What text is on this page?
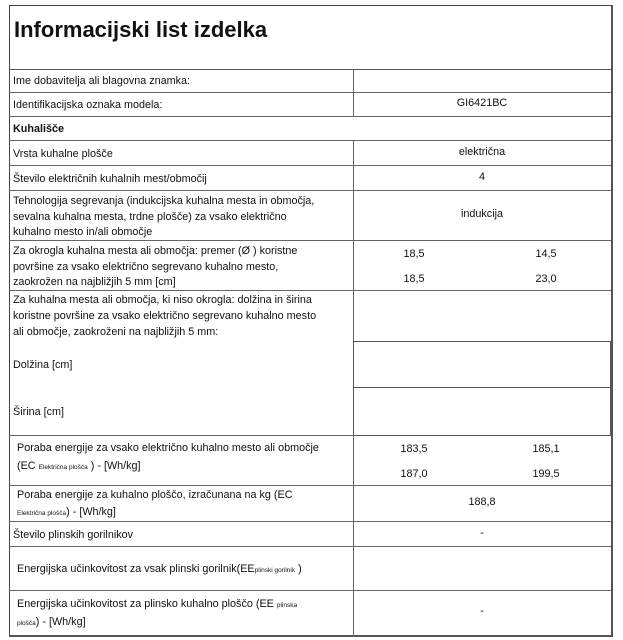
Informacijski list izdelka
Ime dobavitelja ali blagovna znamka:
Identifikacijska oznaka modela:	GI6421BC
Kuhališče
Vrsta kuhalne plošče	električna
Število električnih kuhalnih mest/območij	4
Tehnologija segrevanja (indukcijska kuhalna mesta in območja,
sevalna kuhalna mesta, trdne plošče) za vsako električno
kuhalno mesto in/ali območje
indukcija
Za okrogla kuhalna mesta ali območja: premer (Ø ) koristne
površine za vsako električno segrevano kuhalno mesto,
zaokrožen na najbližjih 5 mm [cm]
18,5	14,5
18,5	23,0
Za kuhalna mesta ali območja, ki niso okrogla: dolžina in širina
koristne površine za vsako električno segrevano kuhalno mesto
ali območje, zaokroženi na najbližjih 5 mm:
Dolžina [cm]
Širina [cm]
Poraba energije za vsako električno kuhalno mesto ali območje
(EC Električna plošča ) - [Wh/kg]
183,5	185,1
187,0	199,5
Poraba energije za kuhalno ploščo, izračunana na kg (EC
Električna plošča) - [Wh/kg]
188,8
Število plinskih gorilnikov	-
Energijska učinkovitost za vsak plinski gorilnik(EEplinski gorilnik )
Energijska učinkovitost za plinsko kuhalno ploščo (EE plinska
plošča) - [Wh/kg]
-
